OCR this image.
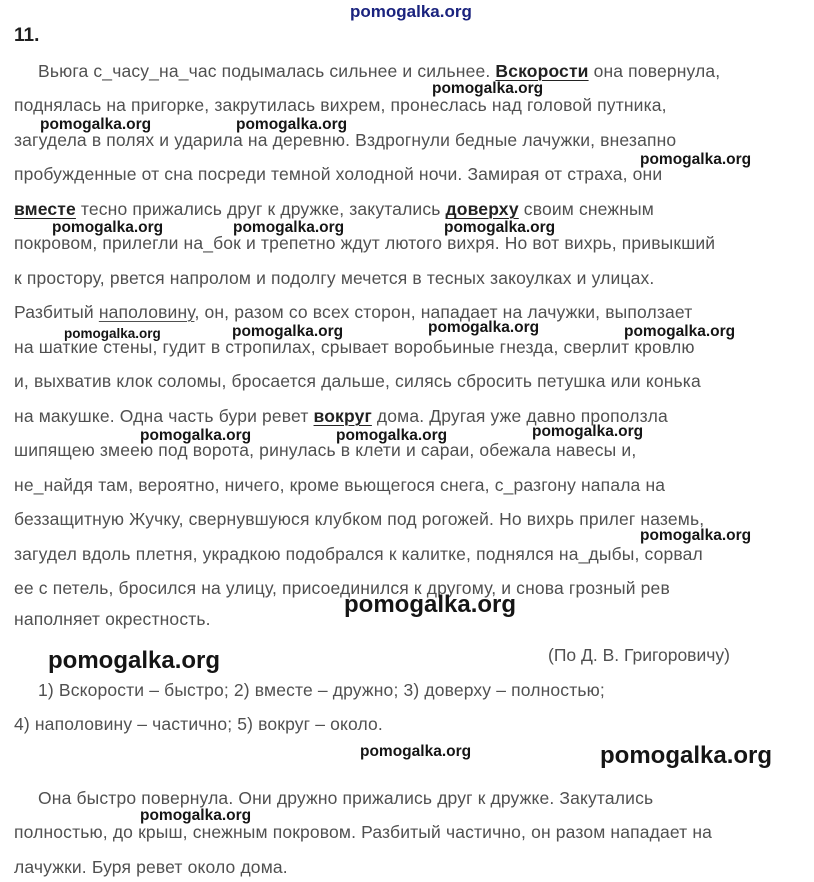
pomogalka.org
11.
Вьюга с_часу_на_час подымалась сильнее и сильнее. Вскорости она повернула,
поднялась на пригорке, закрутилась вихрем, пронеслась над головой путника,
загудела в полях и ударила на деревню. Вздрогнули бедные лачужки, внезапно
пробужденные от сна посреди темной холодной ночи. Замирая от страха, они
вместе тесно прижались друг к дружке, закутались доверху своим снежным
покровом, прилегли на_бок и трепетно ждут лютого вихря. Но вот вихрь, привыкший
к простору, рвется напролом и подолгу мечется в тесных закоулках и улицах.
Разбитый наполовину, он, разом со всех сторон, нападает на лачужки, выползает
на шаткие стены, гудит в стропилах, срывает воробьиные гнезда, сверлит кровлю
и, выхватив клок соломы, бросается дальше, силясь сбросить петушка или конька
на макушке. Одна часть бури ревет вокруг дома. Другая уже давно проползла
шипящею змеею под ворота, ринулась в клети и сараи, обежала навесы и,
не_найдя там, вероятно, ничего, кроме вьющегося снега, с_разгону напала на
беззащитную Жучку, свернувшуюся клубком под рогожей. Но вихрь прилег наземь,
загудел вдоль плетня, украдкою подобрался к калитке, поднялся на_дыбы, сорвал
ее с петель, бросился на улицу, присоединился к другому, и снова грозный рев
наполняет окрестность.
(По Д. В. Григоровичу)
1) Вскорости – быстро; 2) вместе – дружно; 3) доверху – полностью;
4) наполовину – частично; 5) вокруг – около.
Она быстро повернула. Они дружно прижались друг к дружке. Закутались
полностью, до крыш, снежным покровом. Разбитый частично, он разом нападает на
лачужки. Буря ревет около дома.
pomogalka.org
pomogalka.org	pomogalka.org
pomogalka.org
pomogalka.org	pomogalka.org	pomogalka.org
pomogalka.org	pomogalka.org	pomogalka.org	pomogalka.org
pomogalka.org	pomogalka.org	pomogalka.org
pomogalka.org
pomogalka.org
pomogalka.org
pomogalka.org	pomogalka.org
pomogalka.org
